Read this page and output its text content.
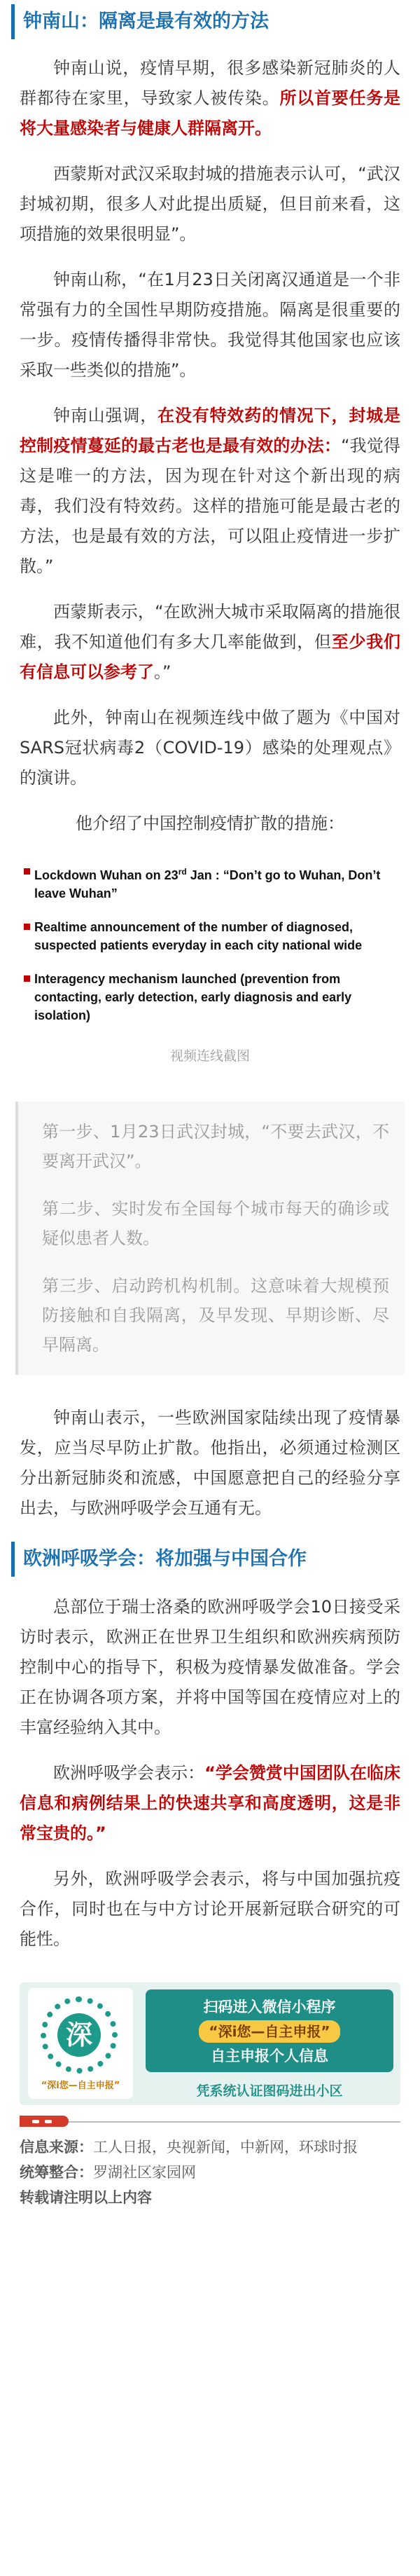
钟南山：隔离是最有效的方法

钟南山说，疫情早期，很多感染新冠肺炎的人群都待在家里，导致家人被传染。所以首要任务是将大量感染者与健康人群隔离开。

西蒙斯对武汉采取封城的措施表示认可，“武汉封城初期，很多人对此提出质疑，但目前来看，这项措施的效果很明显”。

钟南山称，“在1月23日关闭离汉通道是一个非常强有力的全国性早期防疫措施。隔离是很重要的一步。疫情传播得非常快。我觉得其他国家也应该采取一些类似的措施”。

钟南山强调，在没有特效药的情况下，封城是控制疫情蔓延的最古老也是最有效的办法：“我觉得这是唯一的方法，因为现在针对这个新出现的病毒，我们没有特效药。这样的措施可能是最古老的方法，也是最有效的方法，可以阻止疫情进一步扩散。”

西蒙斯表示，“在欧洲大城市采取隔离的措施很难，我不知道他们有多大几率能做到，但至少我们有信息可以参考了。”

此外，钟南山在视频连线中做了题为《中国对SARS冠状病毒2（COVID-19）感染的处理观点》的演讲。

他介绍了中国控制疫情扩散的措施：

Lockdown Wuhan on 23rd Jan : “Don’t go to Wuhan, Don’t leave Wuhan”
Realtime announcement of the number of diagnosed, suspected patients everyday in each city national wide
Interagency mechanism launched (prevention from contacting, early detection, early diagnosis and early isolation)
视频连线截图

第一步、1月23日武汉封城，“不要去武汉，不要离开武汉”。

第二步、实时发布全国每个城市每天的确诊或疑似患者人数。

第三步、启动跨机构机制。这意味着大规模预防接触和自我隔离，及早发现、早期诊断、尽早隔离。

钟南山表示，一些欧洲国家陆续出现了疫情暴发，应当尽早防止扩散。他指出，必须通过检测区分出新冠肺炎和流感，中国愿意把自己的经验分享出去，与欧洲呼吸学会互通有无。

欧洲呼吸学会：将加强与中国合作

总部位于瑞士洛桑的欧洲呼吸学会10日接受采访时表示，欧洲正在世界卫生组织和欧洲疾病预防控制中心的指导下，积极为疫情暴发做准备。学会正在协调各项方案，并将中国等国在疫情应对上的丰富经验纳入其中。

欧洲呼吸学会表示：“学会赞赏中国团队在临床信息和病例结果上的快速共享和高度透明，这是非常宝贵的。”

另外，欧洲呼吸学会表示，将与中国加强抗疫合作，同时也在与中方讨论开展新冠联合研究的可能性。

深
“深i您—自主申报”
扫码进入微信小程序
“深i您—自主申报”
自主申报个人信息
凭系统认证图码进出小区
信息来源：工人日报，央视新闻，中新网，环球时报
统筹整合：罗湖社区家园网
转载请注明以上内容
